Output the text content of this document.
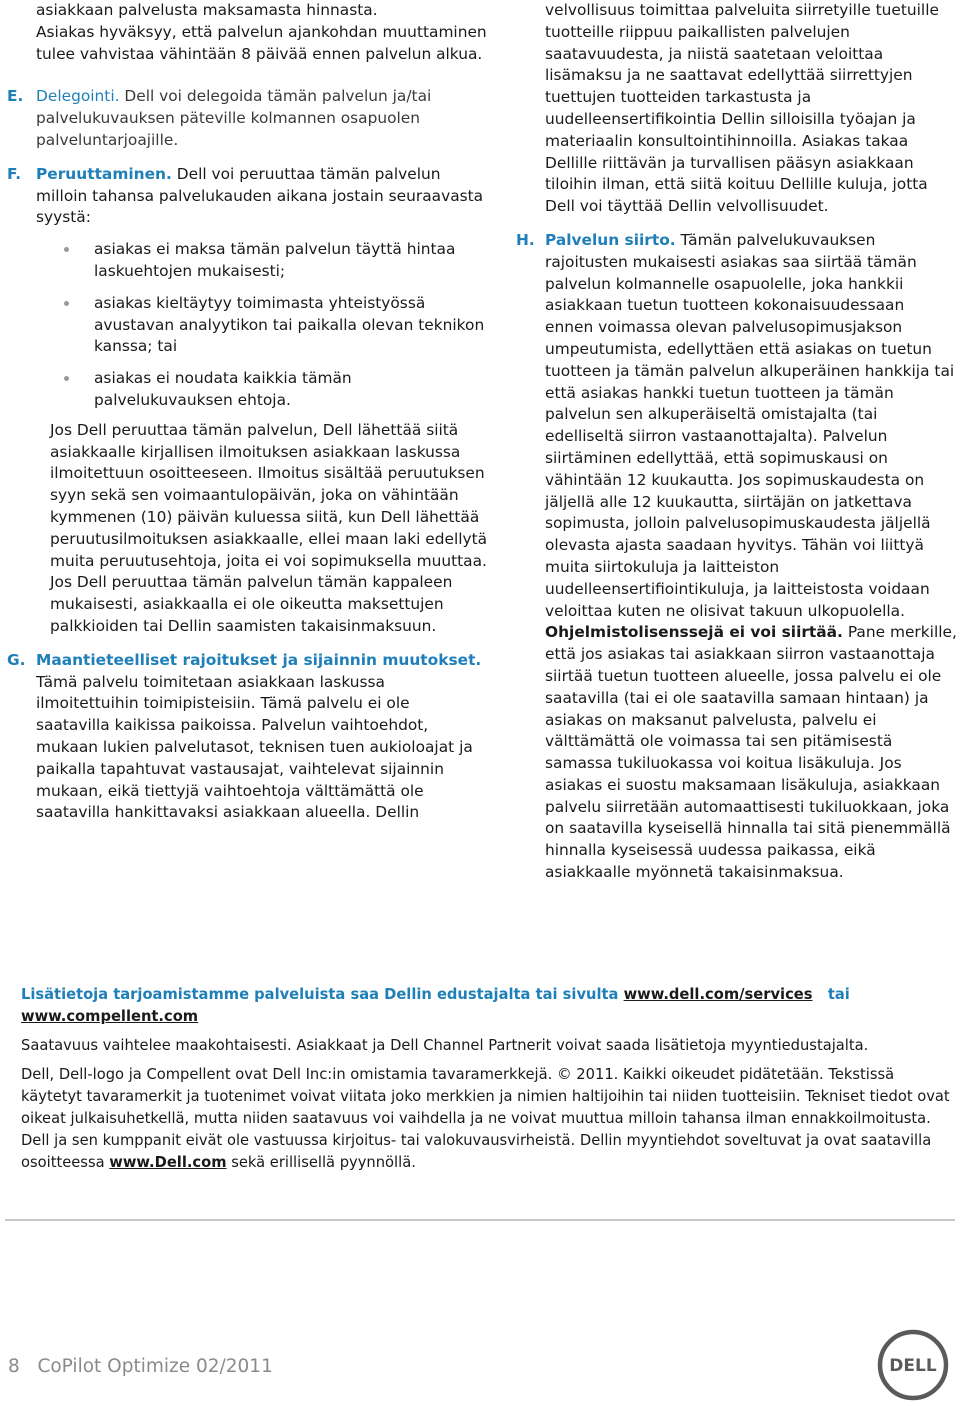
asiakkaan palvelusta maksamasta hinnasta.

Asiakas hyväksyy, että palvelun ajankohdan muuttaminen tulee vahvistaa vähintään 8 päivää ennen palvelun alkua.

E. Delegointi. Dell voi delegoida tämän palvelun ja/tai palvelukuvauksen päteville kolmannen osapuolen palveluntarjoajille.

F. Peruuttaminen. Dell voi peruuttaa tämän palvelun milloin tahansa palvelukauden aikana jostain seuraavasta syystä:

asiakas ei maksa tämän palvelun täyttä hintaa laskuehtojen mukaisesti;
asiakas kieltäytyy toimimasta yhteistyössä avustavan analyytikon tai paikalla olevan teknikon kanssa; tai
asiakas ei noudata kaikkia tämän palvelukuvauksen ehtoja.

Jos Dell peruuttaa tämän palvelun, Dell lähettää siitä asiakkaalle kirjallisen ilmoituksen asiakkaan laskussa ilmoitettuun osoitteeseen. Ilmoitus sisältää peruutuksen syyn sekä sen voimaantulopäivän, joka on vähintään kymmenen (10) päivän kuluessa siitä, kun Dell lähettää peruutusilmoituksen asiakkaalle, ellei maan laki edellytä muita peruutusehtoja, joita ei voi sopimuksella muuttaa. Jos Dell peruuttaa tämän palvelun tämän kappaleen mukaisesti, asiakkaalla ei ole oikeutta maksettujen palkkioiden tai Dellin saamisten takaisinmaksuun.

G. Maantieteelliset rajoitukset ja sijainnin muutokset. Tämä palvelu toimitetaan asiakkaan laskussa ilmoitettuihin toimipisteisiin. Tämä palvelu ei ole saatavilla kaikissa paikoissa. Palvelun vaihtoehdot, mukaan lukien palvelutasot, teknisen tuen aukioloajat ja paikalla tapahtuvat vastausajat, vaihtelevat sijainnin mukaan, eikä tiettyjä vaihtoehtoja välttämättä ole saatavilla hankittavaksi asiakkaan alueella. Dellin

velvollisuus toimittaa palveluita siirretyille tuetuille tuotteille riippuu paikallisten palvelujen saatavuudesta, ja niistä saatetaan veloittaa lisämaksu ja ne saattavat edellyttää siirrettyjen tuettujen tuotteiden tarkastusta ja uudelleensertifikointia Dellin silloisilla työajan ja materiaalin konsultointihinnoilla. Asiakas takaa Dellille riittävän ja turvallisen pääsyn asiakkaan tiloihin ilman, että siitä koituu Dellille kuluja, jotta Dell voi täyttää Dellin velvollisuudet.

H. Palvelun siirto. Tämän palvelukuvauksen rajoitusten mukaisesti asiakas saa siirtää tämän palvelun kolmannelle osapuolelle, joka hankkii asiakkaan tuetun tuotteen kokonaisuudessaan ennen voimassa olevan palvelusopimusjakson umpeutumista, edellyttäen että asiakas on tuetun tuotteen ja tämän palvelun alkuperäinen hankkija tai että asiakas hankki tuetun tuotteen ja tämän palvelun sen alkuperäiseltä omistajalta (tai edelliseltä siirron vastaanottajalta). Palvelun siirtäminen edellyttää, että sopimuskausi on vähintään 12 kuukautta. Jos sopimuskaudesta on jäljellä alle 12 kuukautta, siirtäjän on jatkettava sopimusta, jolloin palvelusopimuskaudesta jäljellä olevasta ajasta saadaan hyvitys. Tähän voi liittyä muita siirtokuluja ja laitteiston uudelleensertifiointikuluja, ja laitteistosta voidaan veloittaa kuten ne olisivat takuun ulkopuolella. Ohjelmistolisenssejä ei voi siirtää. Pane merkille, että jos asiakas tai asiakkaan siirron vastaanottaja siirtää tuetun tuotteen alueelle, jossa palvelu ei ole saatavilla (tai ei ole saatavilla samaan hintaan) ja asiakas on maksanut palvelusta, palvelu ei välttämättä ole voimassa tai sen pitämisestä samassa tukiluokassa voi koitua lisäkuluja. Jos asiakas ei suostu maksamaan lisäkuluja, asiakkaan palvelu siirretään automaattisesti tukiluokkaan, joka on saatavilla kyseisellä hinnalla tai sitä pienemmällä hinnalla kyseisessä uudessa paikassa, eikä asiakkaalle myönnetä takaisinmaksua.

Lisätietoja tarjoamistamme palveluista saa Dellin edustajalta tai sivulta www.dell.com/services tai
www.compellent.com

Saatavuus vaihtelee maakohtaisesti. Asiakkaat ja Dell Channel Partnerit voivat saada lisätietoja myyntiedustajalta.

Dell, Dell-logo ja Compellent ovat Dell Inc:in omistamia tavaramerkkejä. © 2011. Kaikki oikeudet pidätetään. Tekstissä käytetyt tavaramerkit ja tuotenimet voivat viitata joko merkkien ja nimien haltijoihin tai niiden tuotteisiin. Tekniset tiedot ovat oikeat julkaisuhetkellä, mutta niiden saatavuus voi vaihdella ja ne voivat muuttua milloin tahansa ilman ennakkoilmoitusta. Dell ja sen kumppanit eivät ole vastuussa kirjoitus- tai valokuvausvirheistä. Dellin myyntiehdot soveltuvat ja ovat saatavilla osoitteessa www.Dell.com sekä erillisellä pyynnöllä.

8 CoPilot Optimize 02/2011	DELL
